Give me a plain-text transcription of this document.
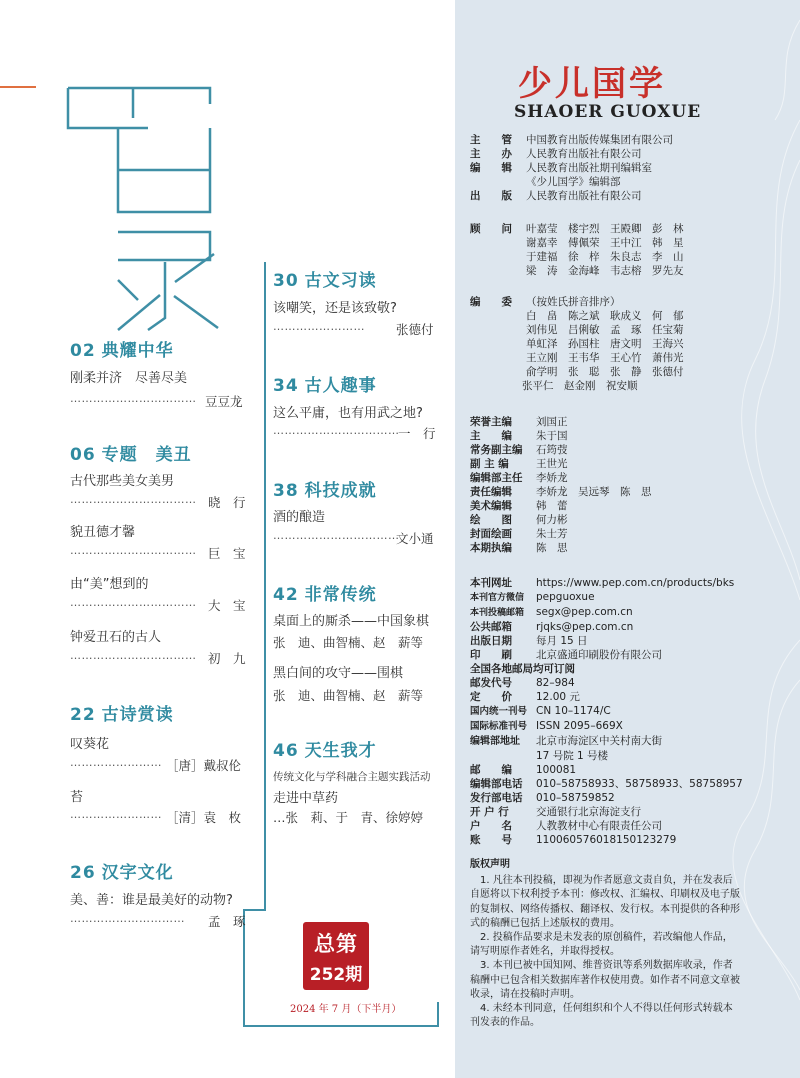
02 典耀中华
刚柔并济　尽善尽美
…………………………… 豆豆龙
06 专题　美丑
古代那些美女美男
…………………………… 晓　行
貌丑德才馨
…………………………… 巨　宝
由“美”想到的
…………………………… 大　宝
钟爱丑石的古人
…………………………… 初　九
22 古诗赏读
叹葵花
…………………… ［唐］戴叔伦
苔
…………………… ［清］袁　枚
26 汉字文化
美、善：谁是最美好的动物?
………………………… 孟　琢
30 古文习读
该嘲笑，还是该致敬?
…………………… 张德付
34 古人趣事
这么平庸，也有用武之地?
……………………………
一　行
38 科技成就
酒的酿造
……………………………
文小通
42 非常传统
桌面上的厮杀——中国象棋
张　迪、曲智楠、赵　薪等
黑白间的攻守——围棋
张　迪、曲智楠、赵　薪等
46 天生我才
传统文化与学科融合主题实践活动
走进中草药
…张　莉、于　青、徐婷婷
总第
252期
2024 年 7 月（下半月）
少儿国学
SHAOER GUOXUE
主　　管 中国教育出版传媒集团有限公司
主　　办 人民教育出版社有限公司
编　　辑 人民教育出版社期刊编辑室
《少儿国学》编辑部
出　　版 人民教育出版社有限公司
顾　　问 叶嘉莹　楼宇烈　王殿卿　彭　林
谢嘉幸　傅佩荣　王中江　韩　星
于建福　徐　梓　朱良志　李　山
梁　涛　金海峰　韦志榕　罗先友
编　　委 （按姓氏拼音排序）
白　畠　陈之斌　耿成义　何　郁
刘伟见　吕俐敏　孟　琢　任宝菊
单虹泽　孙国柱　唐文明　王海兴
王立刚　王韦华　王心竹　萧伟光
俞学明　张　聪　张　静　张德付
张平仁　赵金刚　祝安顺
荣誉主编 刘国正
主　　编 朱于国
常务副主编 石筠弢
副 主 编	王世光
编辑部主任 李娇龙
责任编辑 李娇龙　吴远琴　陈　思
美术编辑 韩　蕾
绘　　图 何力彬
封面绘画 朱士芳
本期执编 陈　思
本刊网址 https://www.pep.com.cn/products/bks
本刊官方微信 pepguoxue
本刊投稿邮箱 segx@pep.com.cn
公共邮箱 rjqks@pep.com.cn
出版日期 每月 15 日
印　　刷 北京盛通印刷股份有限公司
全国各地邮局均可订阅
邮发代号 82–984
定　　价 12.00 元
国内统一刊号 CN 10–1174/C
国际标准刊号 ISSN 2095–669X
编辑部地址 北京市海淀区中关村南大街
17 号院 1 号楼
邮　　编 100081
编辑部电话 010–58758933、58758933、58758957
发行部电话 010–58759852
开 户 行	交通银行北京海淀支行
户　　名 人教教材中心有限责任公司
账　　号 110060576018150123279
版权声明
　1. 凡往本刊投稿，即视为作者愿意文责自负，并在发表后自愿将以下权利授予本刊：修改权、汇编权、印刷权及电子版的复制权、网络传播权、翻译权、发行权。本刊提供的各种形式的稿酬已包括上述版权的费用。
　2. 投稿作品要求是未发表的原创稿件，若改编他人作品，请写明原作者姓名，并取得授权。
　3. 本刊已被中国知网、维普资讯等系列数据库收录，作者稿酬中已包含相关数据库著作权使用费。如作者不同意文章被收录，请在投稿时声明。
　4. 未经本刊同意，任何组织和个人不得以任何形式转载本刊发表的作品。
